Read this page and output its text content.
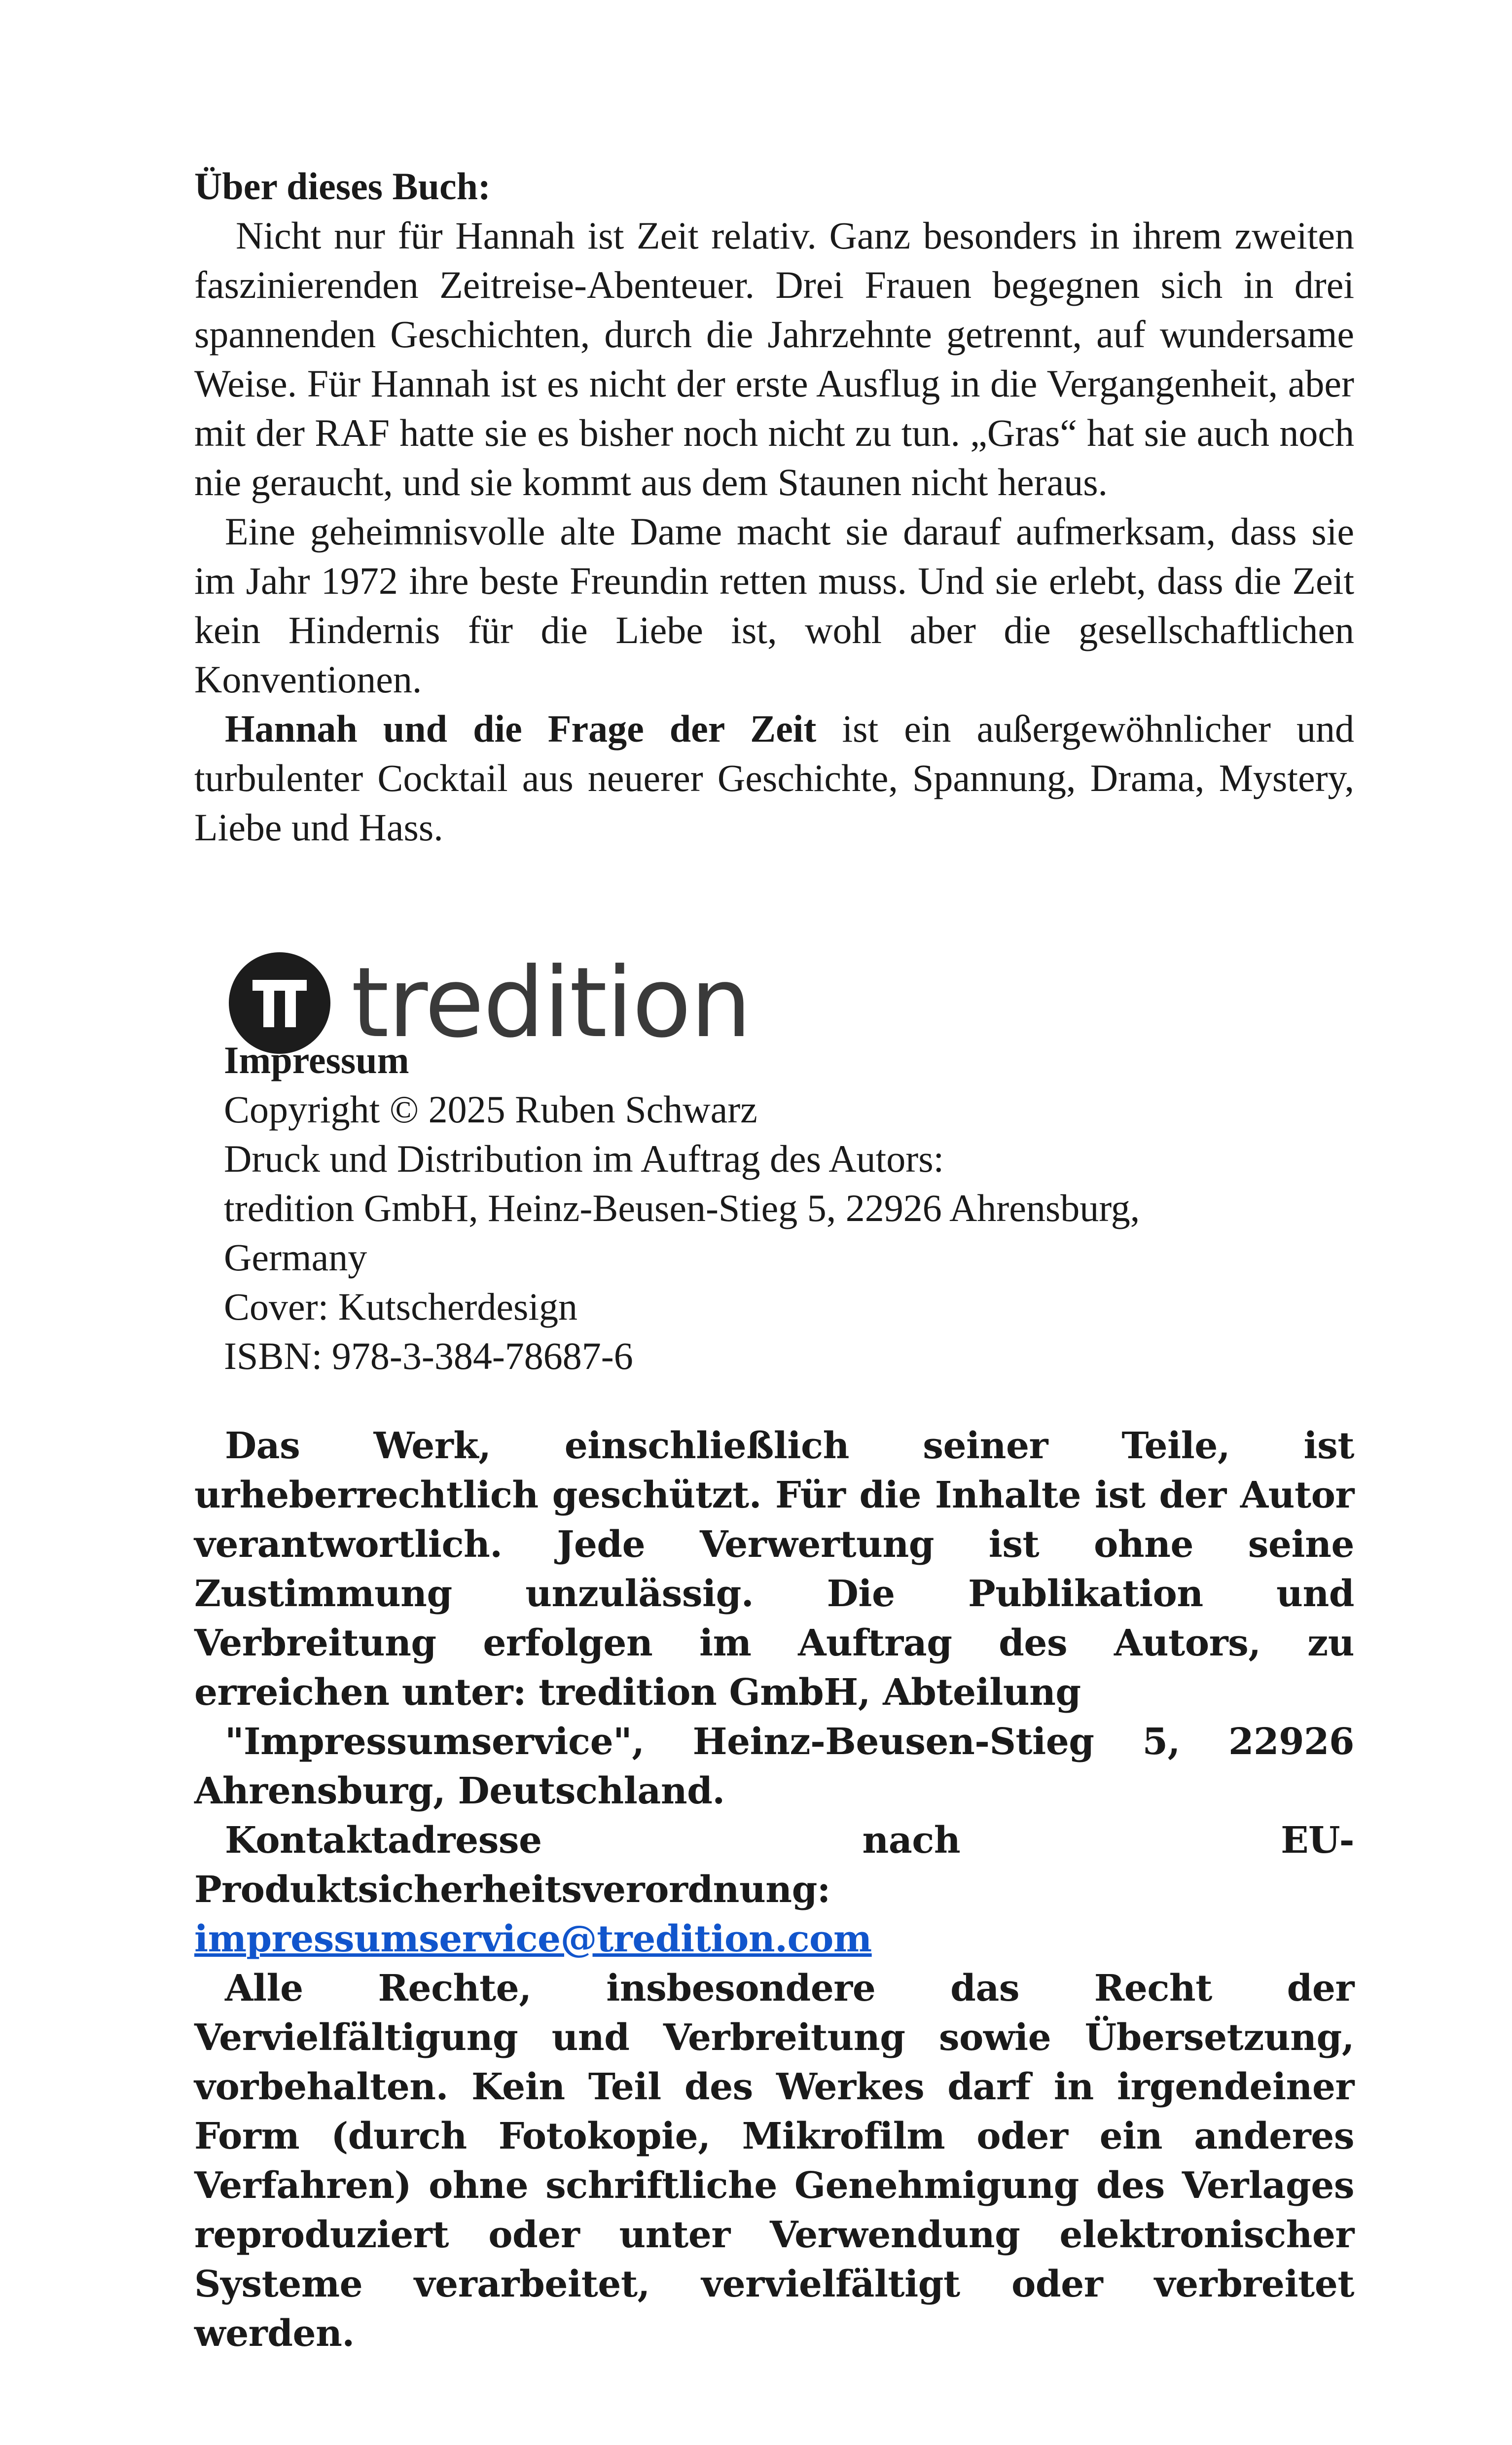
Über dieses Buch:
Nicht nur für Hannah ist Zeit relativ. Ganz besonders in ihrem zweiten faszinierenden Zeitreise-Abenteuer. Drei Frauen begegnen sich in drei spannenden Geschichten, durch die Jahrzehnte getrennt, auf wundersame Weise. Für Hannah ist es nicht der erste Ausflug in die Vergangenheit, aber mit der RAF hatte sie es bisher noch nicht zu tun. „Gras“ hat sie auch noch nie geraucht, und sie kommt aus dem Staunen nicht heraus.
Eine geheimnisvolle alte Dame macht sie darauf aufmerksam, dass sie im Jahr 1972 ihre beste Freundin retten muss. Und sie erlebt, dass die Zeit kein Hindernis für die Liebe ist, wohl aber die gesellschaftlichen Konventionen.
Hannah und die Frage der Zeit ist ein außergewöhnlicher und turbulenter Cocktail aus neuerer Geschichte, Spannung, Drama, Mystery, Liebe und Hass.
tredition
Impressum
Copyright © 2025 Ruben Schwarz
Druck und Distribution im Auftrag des Autors:
tredition GmbH, Heinz-Beusen-Stieg 5, 22926 Ahrensburg,
Germany
Cover: Kutscherdesign
ISBN: 978-3-384-78687-6
Das Werk, einschließlich seiner Teile, ist urheberrechtlich geschützt. Für die Inhalte ist der Autor verantwortlich. Jede Verwertung ist ohne seine Zustimmung unzulässig. Die Publikation und Verbreitung erfolgen im Auftrag des Autors, zu erreichen unter: tredition GmbH, Abteilung
"Impressumservice", Heinz-Beusen-Stieg 5, 22926 Ahrensburg, Deutschland.
Kontaktadresse nach EU-Produktsicherheitsverordnung:
impressumservice@tredition.com
Alle Rechte, insbesondere das Recht der Vervielfältigung und Verbreitung sowie Übersetzung, vorbehalten. Kein Teil des Werkes darf in irgendeiner Form (durch Fotokopie, Mikrofilm oder ein anderes Verfahren) ohne schriftliche Genehmigung des Verlages reproduziert oder unter Verwendung elektronischer Systeme verarbeitet, vervielfältigt oder verbreitet werden.
